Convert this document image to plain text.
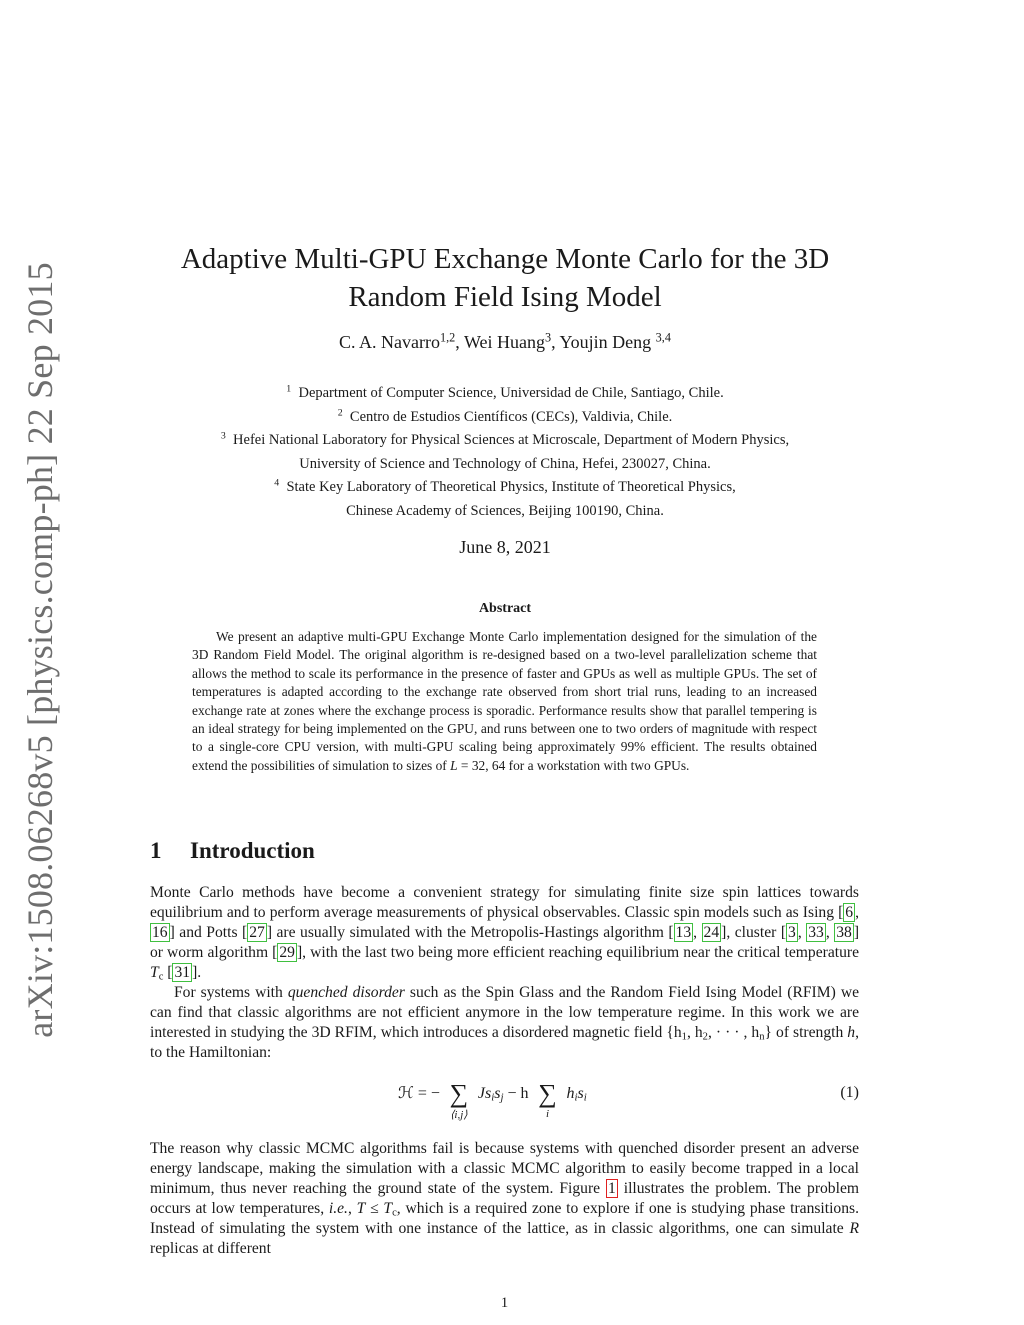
arXiv:1508.06268v5 [physics.comp-ph] 22 Sep 2015
Adaptive Multi-GPU Exchange Monte Carlo for the 3D
Random Field Ising Model
C. A. Navarro$^{1,2}$, Wei Huang$^3$, Youjin Deng $^{3,4}$
$^1$ Department of Computer Science, Universidad de Chile, Santiago, Chile.
$^2$ Centro de Estudios Científicos (CECs), Valdivia, Chile.
$^3$ Hefei National Laboratory for Physical Sciences at Microscale, Department of Modern Physics,
University of Science and Technology of China, Hefei, 230027, China.
$^4$ State Key Laboratory of Theoretical Physics, Institute of Theoretical Physics,
Chinese Academy of Sciences, Beijing 100190, China.
June 8, 2021
Abstract

We present an adaptive multi-GPU Exchange Monte Carlo implementation designed for the simulation of the 3D Random Field Model. The original algorithm is re-designed based on a two-level parallelization scheme that allows the method to scale its performance in the presence of faster and GPUs as well as multiple GPUs. The set of temperatures is adapted according to the exchange rate observed from short trial runs, leading to an increased exchange rate at zones where the exchange process is sporadic. Performance results show that parallel tempering is an ideal strategy for being implemented on the GPU, and runs between one to two orders of magnitude with respect to a single-core CPU version, with multi-GPU scaling being approximately 99% efficient. The results obtained extend the possibilities of simulation to sizes of L = 32, 64 for a workstation with two GPUs.

1 Introduction

Monte Carlo methods have become a convenient strategy for simulating finite size spin lattices towards equilibrium and to perform average measurements of physical observables. Classic spin models such as Ising [ 6 , 16 ] and Potts [ 27 ] are usually simulated with the Metropolis-Hastings algorithm [ 13 , 24 ], cluster [ 3 , 33 , 38 ] or worm algorithm [ 29 ], with the last two being more efficient reaching equilibrium near the critical temperature $T_c$ [ 31 ].

For systems with quenched disorder such as the Spin Glass and the Random Field Ising Model (RFIM) we can find that classic algorithms are not efficient anymore in the low temperature regime. In this work we are interested in studying the 3D RFIM, which introduces a disordered magnetic field {$h_1$, $h_2$, · · · , $h_n$} of strength h, to the Hamiltonian:

ℋ = − ∑
⟨i,j⟩
$Js_is_j - h$ ∑
i
$h_is_i$	(1)

The reason why classic MCMC algorithms fail is because systems with quenched disorder present an adverse energy landscape, making the simulation with a classic MCMC algorithm to easily become trapped in a local minimum, thus never reaching the ground state of the system. Figure 1 illustrates the problem. The problem occurs at low temperatures, i.e., $T \le T_c$, which is a required zone to explore if one is studying phase transitions. Instead of simulating the system with one instance of the lattice, as in classic algorithms, one can simulate R replicas at different

1
